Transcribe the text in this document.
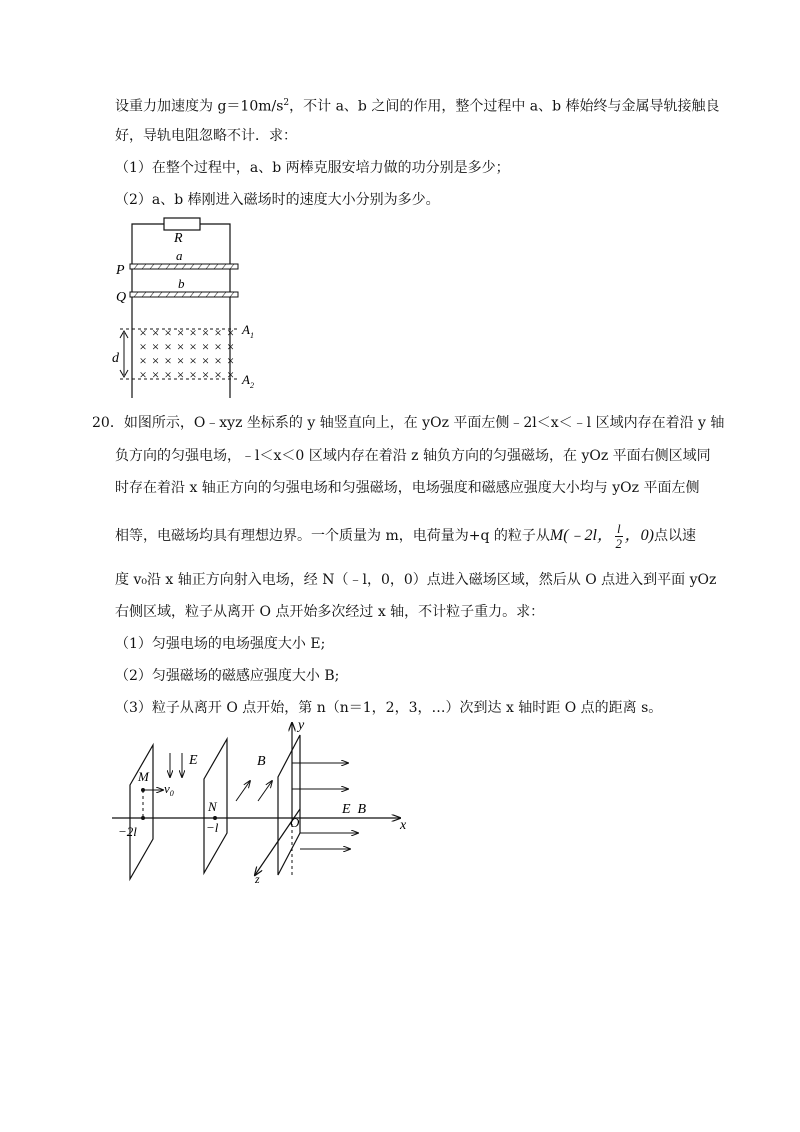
设重力加速度为 $g=10m/s^2$，不计 a、b 之间的作用，整个过程中 a、b 棒始终与金属导轨接触良
好，导轨电阻忽略不计．求：
（1）在整个过程中，a、b 两棒克服安培力做的功分别是多少；
（2）a、b 棒刚进入磁场时的速度大小分别为多少。
R
a
P
b
Q
$A_1$
$A_2$
d
× × × × × × × ×
× × × × × × × ×
× × × × × × × ×
× × × × × × × ×
20．如图所示，O﹣xyz 坐标系的 y 轴竖直向上，在 yOz 平面左侧﹣2l＜x＜﹣l 区域内存在着沿 y 轴
负方向的匀强电场，﹣l＜x＜0 区域内存在着沿 z 轴负方向的匀强磁场，在 yOz 平面右侧区域同
时存在着沿 x 轴正方向的匀强电场和匀强磁场，电场强度和磁感应强度大小均与 yOz 平面左侧
相等，电磁场均具有理想边界。一个质量为 m，电荷量为+q 的粒子从M(﹣2l， $\frac{l}{2}$ ，0)点以速
度 v₀沿 x 轴正方向射入电场，经 N（﹣l，0，0）点进入磁场区域，然后从 O 点进入到平面 yOz
右侧区域，粒子从离开 O 点开始多次经过 x 轴，不计粒子重力。求：
（1）匀强电场的电场强度大小 E;
（2）匀强磁场的磁感应强度大小 B;
（3）粒子从离开 O 点开始，第 n（n＝1，2，3，…）次到达 x 轴时距 O 点的距离 s。
x
y
z
M
$v_0$
−2l
E
N
−l
B
O
E  B
